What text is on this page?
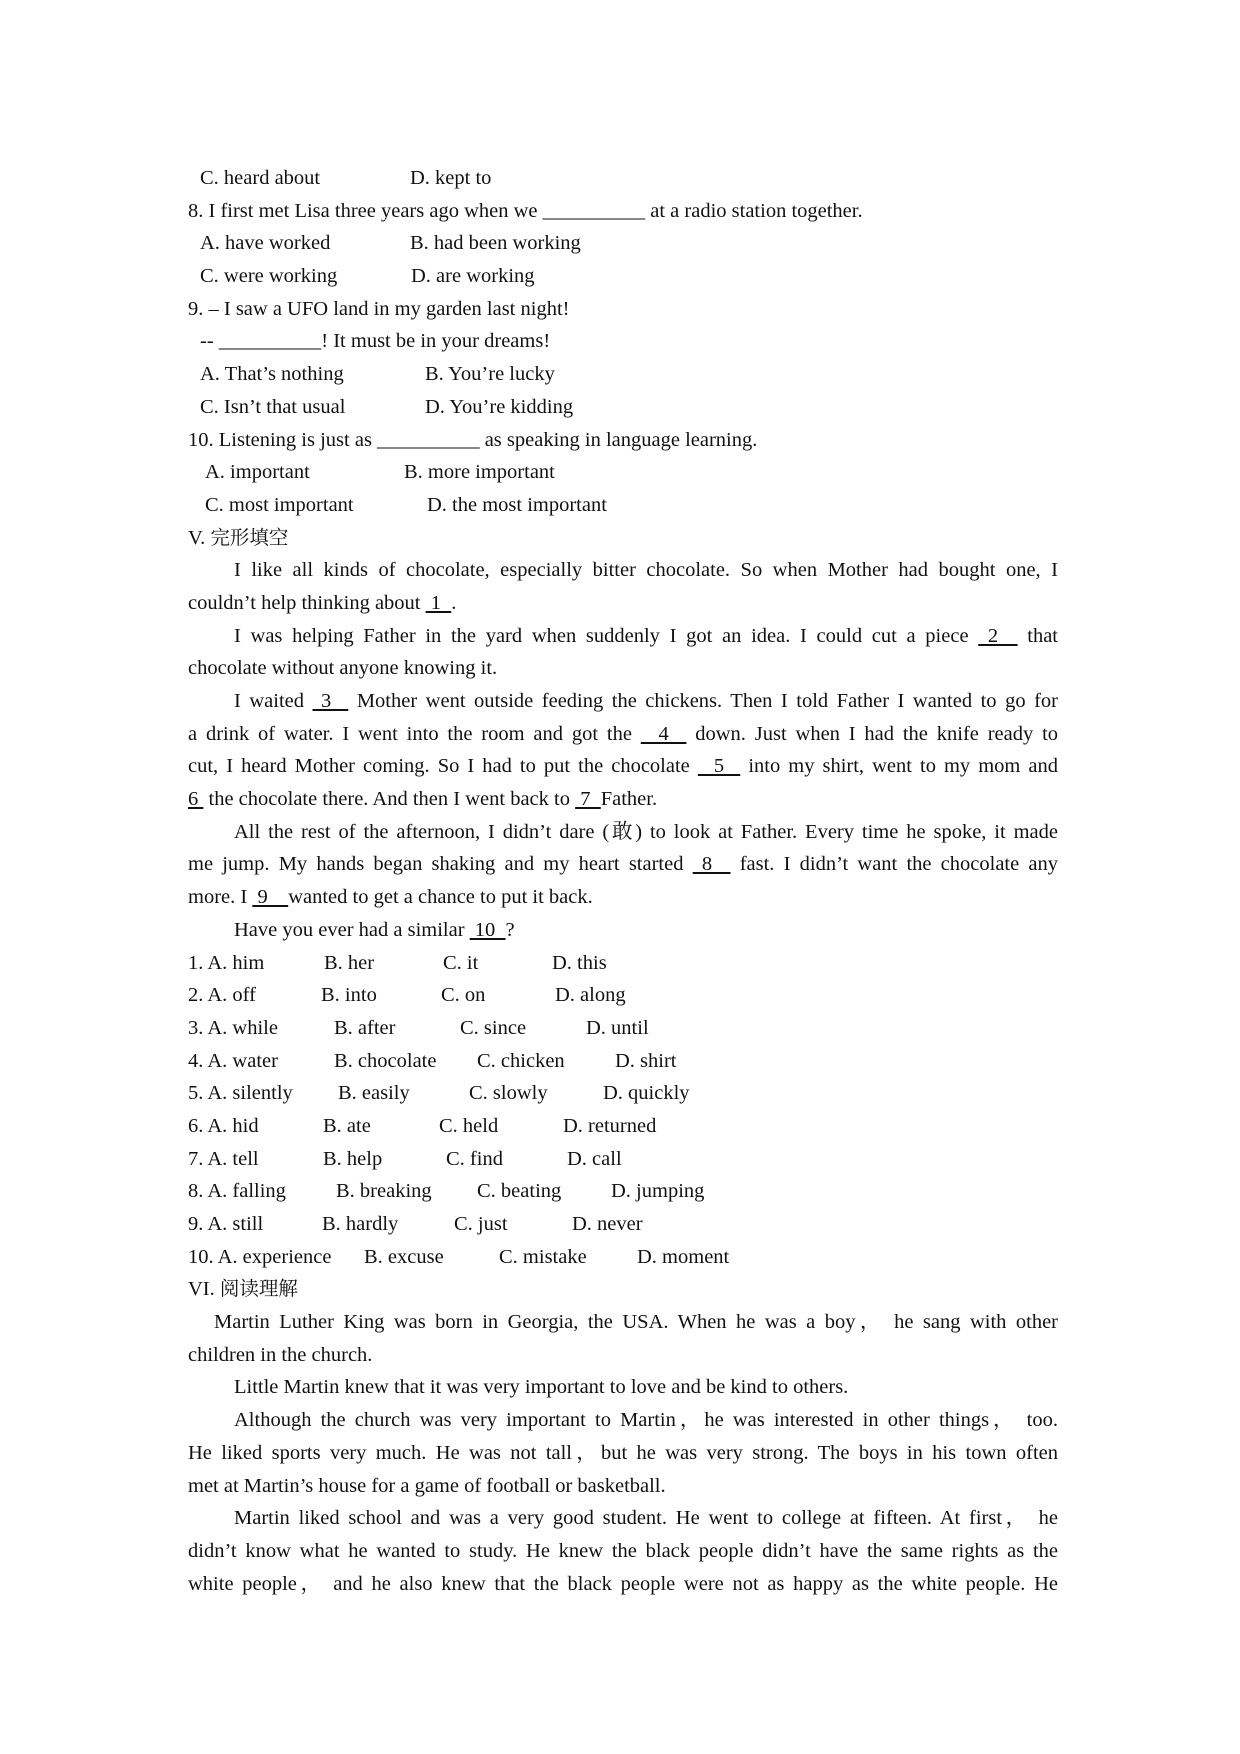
C. heard about	D. kept to
8. I first met Lisa three years ago when we __________ at a radio station together.
A. have worked	B. had been working
C. were working	D. are working
9. – I saw a UFO land in my garden last night!
-- __________! It must be in your dreams!
A. That’s nothing	B. You’re lucky
C. Isn’t that usual	D. You’re kidding
10. Listening is just as __________ as speaking in language learning.
A. important	B. more important
C. most important	D. the most important
V. 完形填空
I like all kinds of chocolate, especially bitter chocolate. So when Mother had bought one, I
couldn’t help thinking about  1  .
I was helping Father in the yard when suddenly I got an idea. I could cut a piece  2   that
chocolate without anyone knowing it.
I waited  3   Mother went outside feeding the chickens. Then I told Father I wanted to go for
a drink of water. I went into the room and got the   4   down. Just when I had the knife ready to
cut, I heard Mother coming. So I had to put the chocolate   5   into my shirt, went to my mom and
6  the chocolate there. And then I went back to  7  Father.
All the rest of the afternoon, I didn’t dare (敢) to look at Father. Every time he spoke, it made
me jump. My hands began shaking and my heart started  8   fast. I didn’t want the chocolate any
more. I  9    wanted to get a chance to put it back.
Have you ever had a similar  10  ?
1. A. him	B. her	C. it	D. this
2. A. off	B. into	C. on	D. along
3. A. while	B. after	C. since	D. until
4. A. water	B. chocolate	C. chicken	D. shirt
5. A. silently	B. easily	C. slowly	D. quickly
6. A. hid	B. ate	C. held	D. returned
7. A. tell	B. help	C. find	D. call
8. A. falling	B. breaking	C. beating	D. jumping
9. A. still	B. hardly	C. just	D. never
10. A. experience	B. excuse	C. mistake	D. moment
VI. 阅读理解
Martin Luther King was born in Georgia, the USA. When he was a boy， he sang with other
children in the church.
Little Martin knew that it was very important to love and be kind to others.
Although the church was very important to Martin，he was interested in other things， too.
He liked sports very much. He was not tall，but he was very strong. The boys in his town often
met at Martin’s house for a game of football or basketball.
Martin liked school and was a very good student. He went to college at fifteen. At first， he
didn’t know what he wanted to study. He knew the black people didn’t have the same rights as the
white people， and he also knew that the black people were not as happy as the white people. He
